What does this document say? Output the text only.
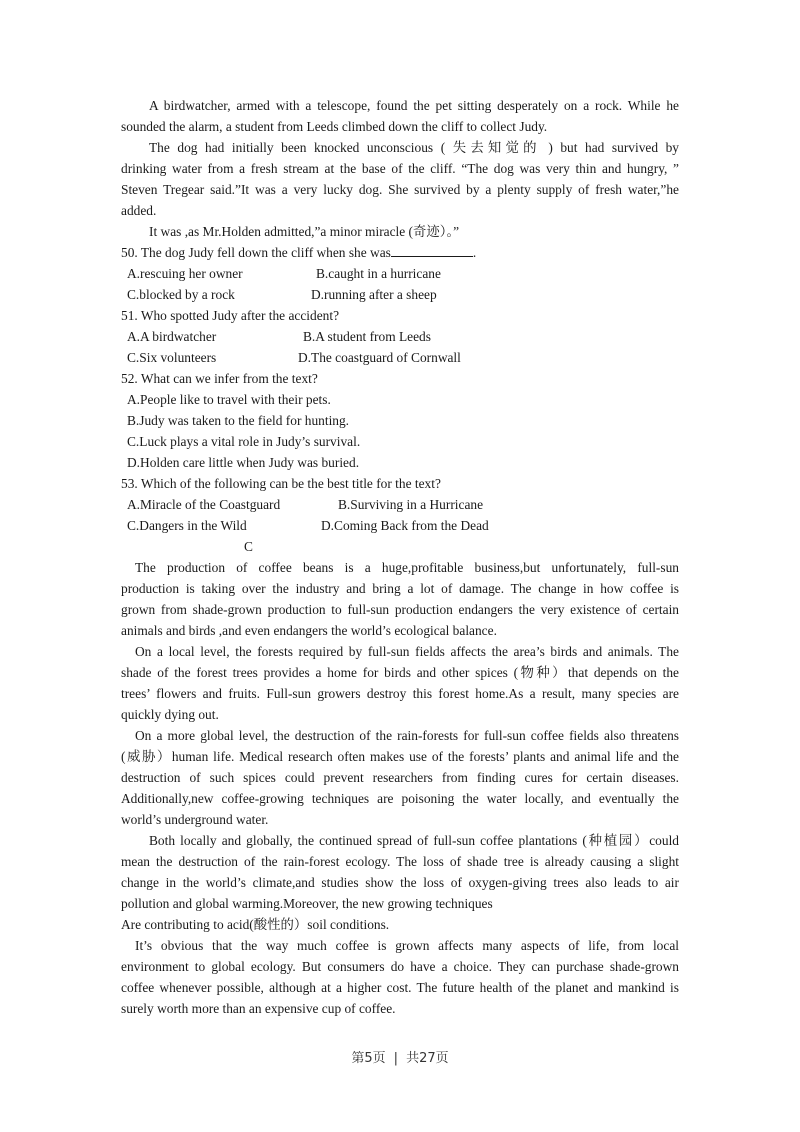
A birdwatcher, armed with a telescope, found the pet sitting desperately on a rock. While he
sounded the alarm, a student from Leeds climbed down the cliff to collect Judy.
The dog had initially been knocked unconscious ( 失去知觉的 ) but had survived by
drinking water from a fresh stream at the base of the cliff. “The dog was very thin and hungry, ”
Steven Tregear said.”It was a very lucky dog. She survived by a plenty supply of fresh water,”he
added.
It was ,as Mr.Holden admitted,”a minor miracle (奇迹）。”
50. The dog Judy fell down the cliff when she was	.
A.rescuing her owner	B.caught in a hurricane
C.blocked by a rock	D.running after a sheep
51. Who spotted Judy after the accident?
A.A birdwatcher	B.A student from Leeds
C.Six volunteers	D.The coastguard of Cornwall
52. What can we infer from the text?
A.People like to travel with their pets.
B.Judy was taken to the field for hunting.
C.Luck plays a vital role in Judy’s survival.
D.Holden care little when Judy was buried.
53. Which of the following can be the best title for the text?
A.Miracle of the Coastguard	B.Surviving in a Hurricane
C.Dangers in the Wild	D.Coming Back from the Dead
C
The production of coffee beans is a huge,profitable business,but unfortunately, full-sun
production is taking over the industry and bring a lot of damage. The change in how coffee is
grown from shade-grown production to full-sun production endangers the very existence of certain
animals and birds ,and even endangers the world’s ecological balance.
On a local level, the forests required by full-sun fields affects the area’s birds and animals. The
shade of the forest trees provides a home for birds and other spices (物种）that depends on the
trees’ flowers and fruits. Full-sun growers destroy this forest home.As a result, many species are
quickly dying out.
On a more global level, the destruction of the rain-forests for full-sun coffee fields also threatens
(威胁）human life. Medical research often makes use of the forests’ plants and animal life and the
destruction of such spices could prevent researchers from finding cures for certain diseases.
Additionally,new coffee-growing techniques are poisoning the water locally, and eventually the
world’s underground water.
Both locally and globally, the continued spread of full-sun coffee plantations (种植园）could
mean the destruction of the rain-forest ecology. The loss of shade tree is already causing a slight
change in the world’s climate,and studies show the loss of oxygen-giving trees also leads to air
pollution and global warming.Moreover, the new growing techniques
Are contributing to acid(酸性的）soil conditions.
It’s obvious that the way much coffee is grown affects many aspects of life, from local
environment to global ecology. But consumers do have a choice. They can purchase shade-grown
coffee whenever possible, although at a higher cost. The future health of the planet and mankind is
surely worth more than an expensive cup of coffee.
第5页 | 共27页
